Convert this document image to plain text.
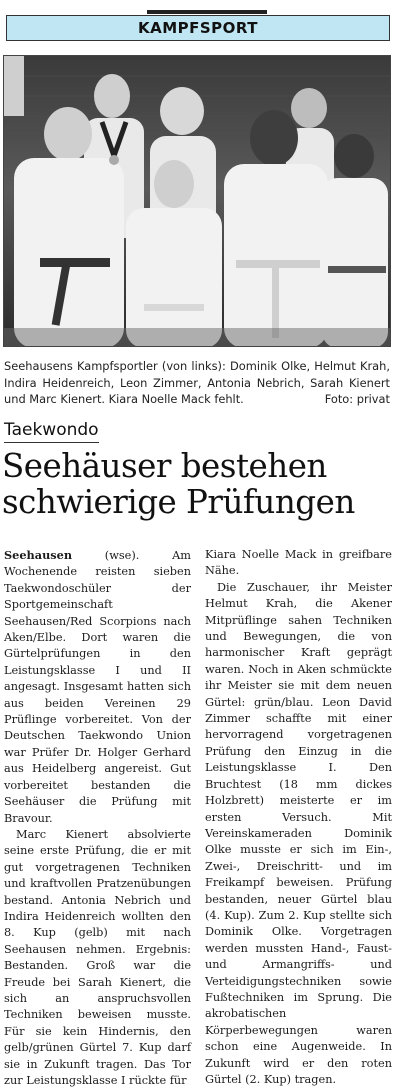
KAMPFSPORT
Seehausens Kampfsportler (von links): Dominik Olke, Helmut Krah, Indira Heidenreich, Leon Zimmer, Antonia Nebrich, Sarah Kienert und Marc Kienert. Kiara Noelle Mack fehlt.	Foto: privat
Taekwondo
Seehäuser bestehen schwierige Prüfungen

Seehausen (wse). Am Wochenende reisten sieben Taekwondoschüler der Sportgemeinschaft Seehausen/Red Scorpions nach Aken/Elbe. Dort waren die Gürtelprüfungen in den Leistungsklasse I und II angesagt. Insgesamt hatten sich aus beiden Vereinen 29 Prüflinge vorbereitet. Von der Deutschen Taekwondo Union war Prüfer Dr. Holger Gerhard aus Heidelberg angereist. Gut vorbereitet bestanden die Seehäuser die Prüfung mit Bravour.

Marc Kienert absolvierte seine erste Prüfung, die er mit gut vorgetragenen Techniken und kraftvollen Pratzenübungen bestand. Antonia Nebrich und Indira Heidenreich wollten den 8. Kup (gelb) mit nach Seehausen nehmen. Ergebnis: Bestanden. Groß war die Freude bei Sarah Kienert, die sich an anspruchsvollen Techniken beweisen musste. Für sie kein Hindernis, den gelb/grünen Gürtel 7. Kup darf sie in Zukunft tragen. Das Tor zur Leistungsklasse I rückte für

Kiara Noelle Mack in greifbare Nähe.

Die Zuschauer, ihr Meister Helmut Krah, die Akener Mitprüflinge sahen Techniken und Bewegungen, die von harmonischer Kraft geprägt waren. Noch in Aken schmückte ihr Meister sie mit dem neuen Gürtel: grün/blau. Leon David Zimmer schaffte mit einer hervorragend vorgetragenen Prüfung den Einzug in die Leistungsklasse I. Den Bruchtest (18 mm dickes Holzbrett) meisterte er im ersten Versuch. Mit Vereinskameraden Dominik Olke musste er sich im Ein-, Zwei-, Dreischritt- und im Freikampf beweisen. Prüfung bestanden, neuer Gürtel blau (4. Kup). Zum 2. Kup stellte sich Dominik Olke. Vorgetragen werden mussten Hand-, Faust- und Armangriffs- und Verteidigungstechniken sowie Fußtechniken im Sprung. Die akrobatischen Körperbewegungen waren schon eine Augenweide. In Zukunft wird er den roten Gürtel (2. Kup) tragen.
